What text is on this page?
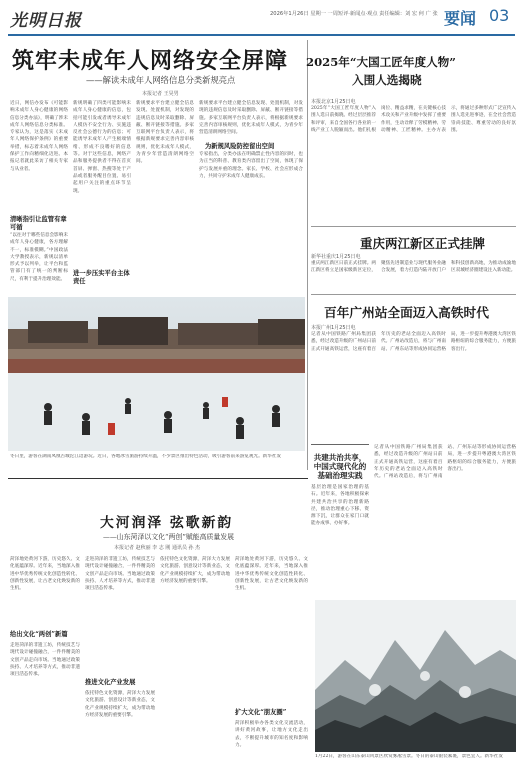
光明日报	2026年1月26日 星期一 一周短评·新闻点·观点 责任编辑：刘 宏 何 广 张 要闻 03
筑牢未成年人网络安全屏障
——解读未成年人网络信息分类新规亮点
本报记者 王昊男
近日，网信办发布《可能影响未成年人身心健康的网络信息分类办法》，明确了涉未成年人网络信息分类标准。专家认为，这是落实《未成年人网络保护条例》的重要举措，标志着未成年人网络保护工作向精细化迈进。本报记者就此采访了相关专家与从业者。
清晰指引让监管有章可循
“以往对于哪些信息会影响未成年人身心健康，各方理解不一，标准模糊。”中国政法大学教授表示，新规以清单形式予以列举，让平台和监管部门有了统一的判断标尺，有利于提升治理效能。
新规明确了四类可能影响未成年人身心健康的信息，包括可能引发或者诱导未成年人模仿不安全行为、实施违反社会公德行为的信息；可能诱导未成年人产生极端情绪、形成不良嗜好的信息等。对于这些信息，网络产品和服务提供者不得在首页首屏、弹窗、热搜等处于产品或者服务醒目位置、易引起用户关注的重点环节呈现。
进一步压实平台主体责任
新规要求平台建立健全信息发现、处置机制，对发现的违规信息及时采取删除、屏蔽、断开链接等措施。多家互联网平台负责人表示，将根据新规要求完善内容审核规则，优化未成年人模式，为青少年营造清朗网络空间。
新规要求平台建立健全信息发现、处置机制，对发现的违规信息及时采取删除、屏蔽、断开链接等措施。多家互联网平台负责人表示，将根据新规要求完善内容审核规则，优化未成年人模式，为青少年营造清朗网络空间。
为新规风险防控留出空间
专家指出，分类办法在明确禁止性内容的同时，也为正当的科普、教育类内容留出了空间，体现了保护与发展并重的理念。家长、学校、社会应形成合力，共同守护未成年人健康成长。
冬日里，游客在湖南凤凰古城沱江边游玩。近日，各地冰雪旅游持续升温，不少景区推出特色活动，吸引游客前来游览观光。新华社发
2025年“大国工匠年度人物”
入围人选揭晓
本报北京1月25日电
2025年“大国工匠年度人物”入围人选日前揭晓。经过层层推荐和评审，来自全国各行各业的一线产业工人脱颖而出。他们扎根岗位、精益求精，在关键核心技术攻关和产业升级中发挥了重要作用，生动诠释了劳模精神、劳动精神、工匠精神。主办方表示，将通过多种形式广泛宣传入围人选先进事迹，在全社会营造崇尚技能、尊重劳动的良好氛围。
重庆两江新区正式挂牌
新华社重庆1月25日电
重庆两江新区日前正式挂牌。两江新区将立足国家级新区定位，聚焦先进制造业与现代服务业融合发展，着力打造内陆开放门户和科技创新高地，为推动成渝地区双城经济圈建设注入新动能。
百年广州站全面迈入高铁时代
本报广州1月25日电
记者从中国铁路广州局集团获悉，经过改造升级的广州站日前正式开通高铁运营，这座有着百年历史的老站全面迈入高铁时代。广州站改造后，将与广州南站、广州东站等形成协同运营格局，进一步提升粤港澳大湾区铁路枢纽的综合服务能力，方便旅客出行。
共建共治共享，中国式现代化的基础治理实践
基层治理是国家治理的基石。近年来，各地积极探索共建共治共享的治理新路径，推动治理重心下移、资源下沉，让群众在家门口就能办成事、办好事。
记者从中国铁路广州局集团获悉，经过改造升级的广州站日前正式开通高铁运营，这座有着百年历史的老站全面迈入高铁时代。广州站改造后，将与广州南站、广州东站等形成协同运营格局，进一步提升粤港澳大湾区铁路枢纽的综合服务能力，方便旅客出行。
大河润泽 弦歌新韵
——山东菏泽以文化“两创”赋能高质量发展
本报记者 赵秋丽 李 志 刚 通讯员 孙 杰
菏泽地处黄河下游，历史悠久、文化底蕴深厚。近年来，当地深入推进中华优秀传统文化创造性转化、创新性发展，让古老文化焕发新的生机。
给出文化“两创”新篇
走进菏泽的非遗工坊，传统技艺与现代设计碰撞融合，一件件精美的文创产品走向市场。当地通过政策扶持、人才培养等方式，推动非遗项目活态传承。
走进菏泽的非遗工坊，传统技艺与现代设计碰撞融合，一件件精美的文创产品走向市场。当地通过政策扶持、人才培养等方式，推动非遗项目活态传承。
推进文化产业发展
依托特色文化资源，菏泽大力发展文化旅游、创意设计等新业态，文化产业规模持续扩大，成为带动地方经济发展的重要引擎。
依托特色文化资源，菏泽大力发展文化旅游、创意设计等新业态，文化产业规模持续扩大，成为带动地方经济发展的重要引擎。
菏泽地处黄河下游，历史悠久、文化底蕴深厚。近年来，当地深入推进中华优秀传统文化创造性转化、创新性发展，让古老文化焕发新的生机。
扩大文化“朋友圈”
菏泽积极举办各类文化交流活动，讲好黄河故事，让地方文化走出去，不断提升城市的知名度和影响力。
1月22日，游客在山东泰山风景区欣赏雾凇雪景。冬日的泰山银装素裹，景色宜人。新华社发
